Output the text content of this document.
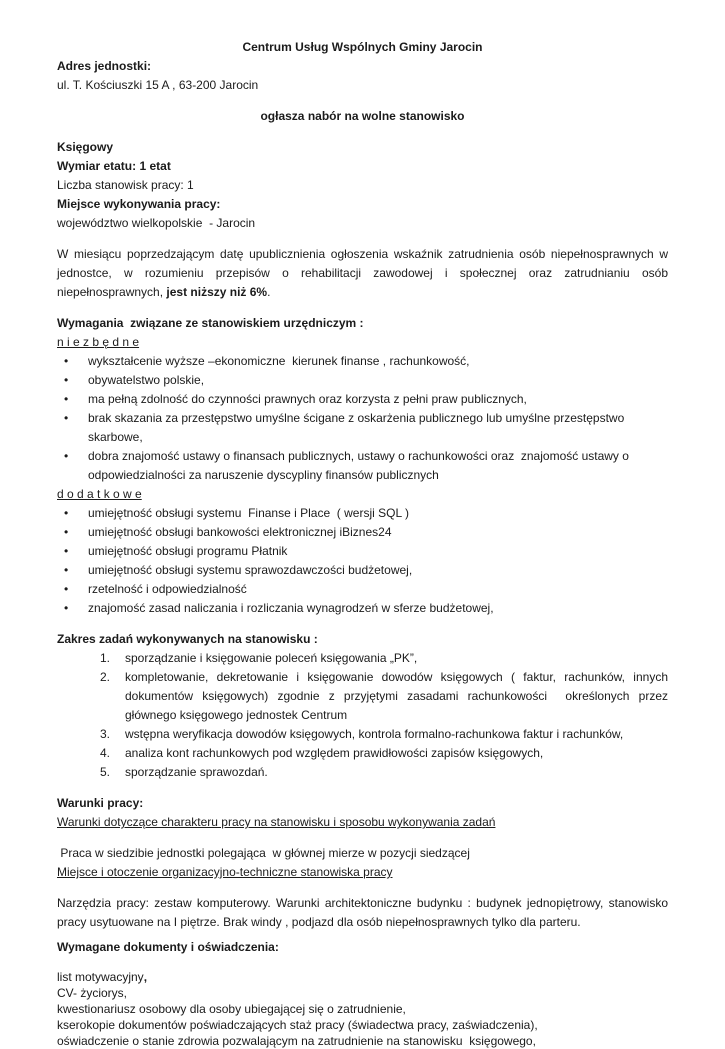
Centrum Usług Wspólnych Gminy Jarocin
Adres jednostki:
ul. T. Kościuszki 15 A , 63-200 Jarocin
ogłasza nabór na wolne stanowisko
Księgowy
Wymiar etatu: 1 etat
Liczba stanowisk pracy: 1
Miejsce wykonywania pracy:
województwo wielkopolskie  - Jarocin

W miesiącu poprzedzającym datę upublicznienia ogłoszenia wskaźnik zatrudnienia osób niepełnosprawnych w jednostce, w rozumieniu przepisów o rehabilitacji zawodowej i społecznej oraz zatrudnianiu osób niepełnosprawnych, jest niższy niż 6%.

Wymagania  związane ze stanowiskiem urzędniczym :
n i e z b ę d n e
• wykształcenie wyższe –ekonomiczne  kierunek finanse , rachunkowość,
• obywatelstwo polskie,
• ma pełną zdolność do czynności prawnych oraz korzysta z pełni praw publicznych,
• brak skazania za przestępstwo umyślne ścigane z oskarżenia publicznego lub umyślne przestępstwo skarbowe,
• dobra znajomość ustawy o finansach publicznych, ustawy o rachunkowości oraz  znajomość ustawy o odpowiedzialności za naruszenie dyscypliny finansów publicznych
d o d a t k o w e
• umiejętność obsługi systemu  Finanse i Place  ( wersji SQL )
• umiejętność obsługi bankowości elektronicznej iBiznes24
• umiejętność obsługi programu Płatnik
• umiejętność obsługi systemu sprawozdawczości budżetowej,
• rzetelność i odpowiedzialność
• znajomość zasad naliczania i rozliczania wynagrodzeń w sferze budżetowej,
Zakres zadań wykonywanych na stanowisku :
1. sporządzanie i księgowanie poleceń księgowania „PK”,
2. kompletowanie, dekretowanie i księgowanie dowodów księgowych ( faktur, rachunków, innych dokumentów księgowych) zgodnie z przyjętymi zasadami rachunkowości  określonych przez głównego księgowego jednostek Centrum
3. wstępna weryfikacja dowodów księgowych, kontrola formalno-rachunkowa faktur i rachunków,
4. analiza kont rachunkowych pod względem prawidłowości zapisów księgowych,
5. sporządzanie sprawozdań.
Warunki pracy:
Warunki dotyczące charakteru pracy na stanowisku i sposobu wykonywania zadań

Praca w siedzibie jednostki polegająca  w głównej mierze w pozycji siedzącej

Miejsce i otoczenie organizacyjno-techniczne stanowiska pracy

Narzędzia pracy: zestaw komputerowy. Warunki architektoniczne budynku : budynek jednopiętrowy, stanowisko pracy usytuowane na I piętrze. Brak windy , podjazd dla osób niepełnosprawnych tylko dla parteru.

Wymagane dokumenty i oświadczenia:
list motywacyjny,
CV- życiorys,
kwestionariusz osobowy dla osoby ubiegającej się o zatrudnienie,
kserokopie dokumentów poświadczających staż pracy (świadectwa pracy, zaświadczenia),
oświadczenie o stanie zdrowia pozwalającym na zatrudnienie na stanowisku  księgowego,
